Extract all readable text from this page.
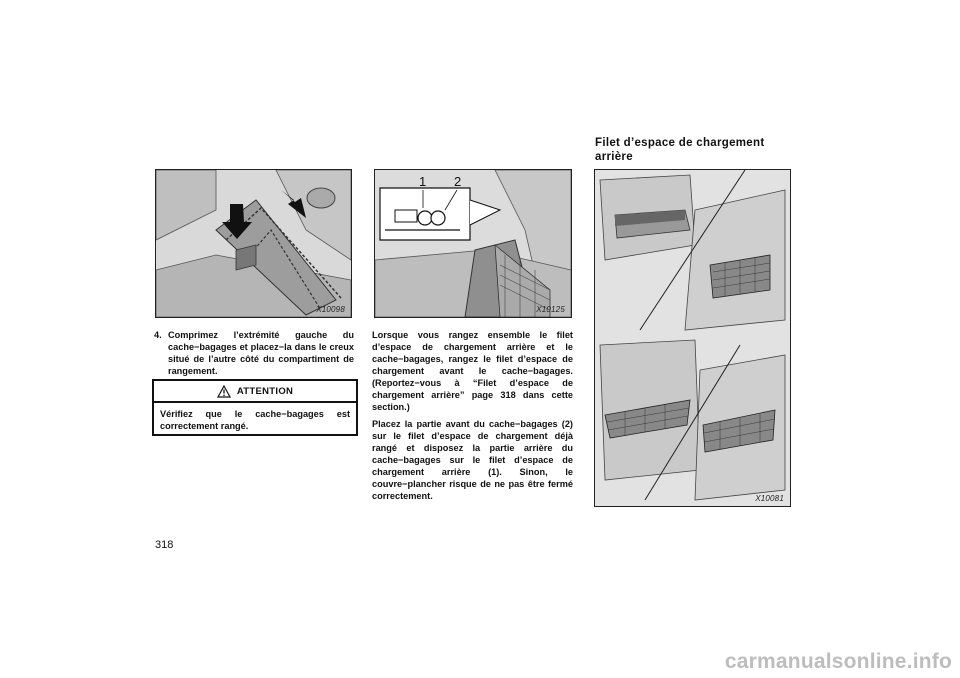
X10098
1 2
X10125
X10081
4. Comprimez l’extrémité gauche du cache−bagages et placez−la dans le creux situé de l’autre côté du compartiment de rangement.
ATTENTION
Vérifiez que le cache−bagages est correctement rangé.

Lorsque vous rangez ensemble le filet d’espace de chargement arrière et le cache−bagages, rangez le filet d’espace de chargement avant le cache−bagages. (Reportez−vous à “Filet d’espace de chargement arrière” page 318 dans cette section.)

Placez la partie avant du cache−bagages (2) sur le filet d’espace de chargement déjà rangé et disposez la partie arrière du cache−bagages sur le filet d’espace de chargement arrière (1). Sinon, le couvre−plancher risque de ne pas être fermé correctement.

Filet d’espace de chargement arrière
318
carmanualsonline.info
